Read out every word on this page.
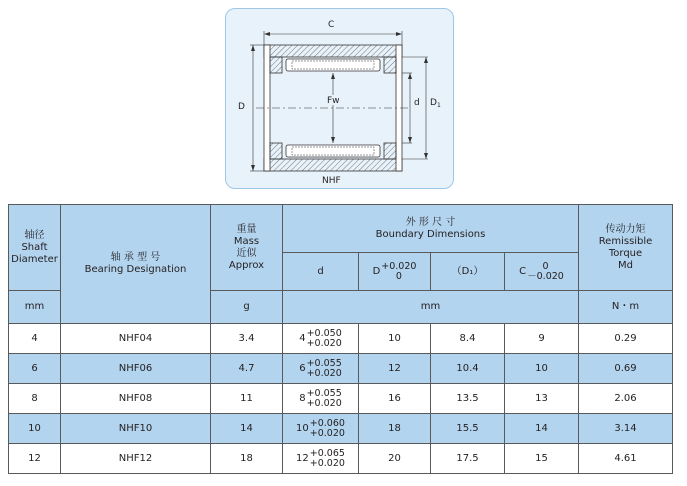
C
Fw
D	d $D_1$
NHF
轴径
Shaft
Diameter	轴 承 型 号
Bearing Designation	重量
Mass
近似
Approx	外 形 尺 寸
Boundary Dimensions				传动力矩
Remissible
Torque
Md

			d	D +0.020
0	（D₁）	C 0
－0.020	

mm		g	mm				N・m
4	NHF04	3.4	4 +0.050
+0.020	10	8.4	9	0.29
6	NHF06	4.7	6 +0.055
+0.020	12	10.4	10	0.69
8	NHF08	11	8 +0.055
+0.020	16	13.5	13	2.06
10	NHF10	14	10 +0.060
+0.020	18	15.5	14	3.14
12	NHF12	18	12 +0.065
+0.020	20	17.5	15	4.61
